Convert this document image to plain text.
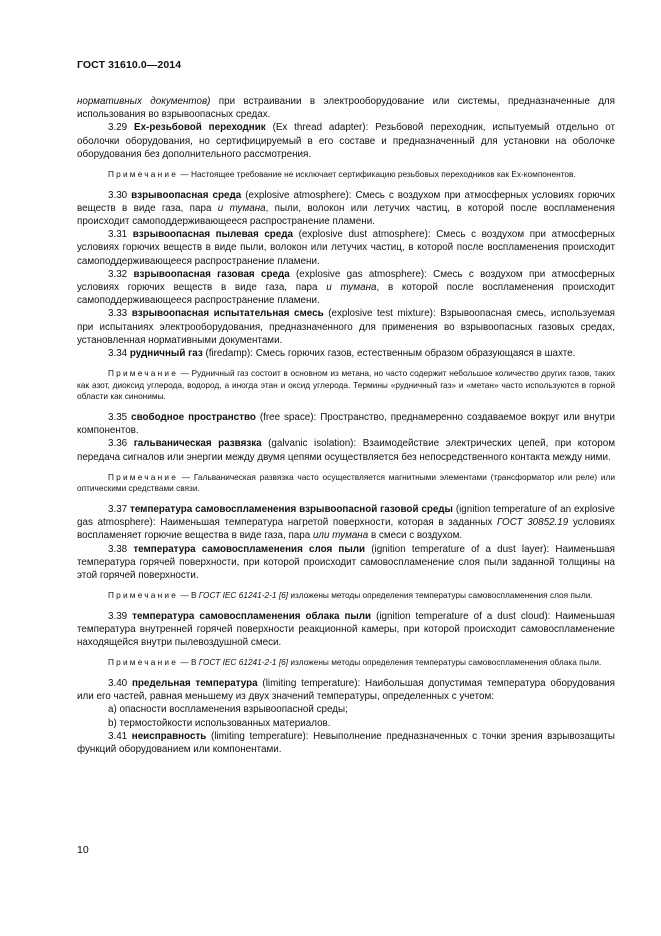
ГОСТ 31610.0—2014

нормативных документов) при встраивании в электрооборудование или системы, предназначенные для использования во взрывоопасных средах.

3.29 Ex-резьбовой переходник (Ex thread adapter): Резьбовой переходник, испытуемый отдельно от оболочки оборудования, но сертифицируемый в его составе и предназначенный для установки на оболочке оборудования без дополнительного рассмотрения.

Примечание — Настоящее требование не исключает сертификацию резьбовых переходников как Ex-компонентов.

3.30 взрывоопасная среда (explosive atmosphere): Смесь с воздухом при атмосферных условиях горючих веществ в виде газа, пара и тумана, пыли, волокон или летучих частиц, в которой после воспламенения происходит самоподдерживающееся распространение пламени.

3.31 взрывоопасная пылевая среда (explosive dust atmosphere): Смесь с воздухом при атмосферных условиях горючих веществ в виде пыли, волокон или летучих частиц, в которой после воспламенения происходит самоподдерживающееся распространение пламени.

3.32 взрывоопасная газовая среда (explosive gas atmosphere): Смесь с воздухом при атмосферных условиях горючих веществ в виде газа, пара и тумана, в которой после воспламенения происходит самоподдерживающееся распространение пламени.

3.33 взрывоопасная испытательная смесь (explosive test mixture): Взрывоопасная смесь, используемая при испытаниях электрооборудования, предназначенного для применения во взрывоопасных газовых средах, установленная нормативными документами.

3.34 рудничный газ (firedamp): Смесь горючих газов, естественным образом образующаяся в шахте.

Примечание — Рудничный газ состоит в основном из метана, но часто содержит небольшое количество других газов, таких как азот, диоксид углерода, водород, а иногда этан и оксид углерода. Термины «рудничный газ» и «метан» часто используются в горной области как синонимы.

3.35 свободное пространство (free space): Пространство, преднамеренно создаваемое вокруг или внутри компонентов.

3.36 гальваническая развязка (galvanic isolation): Взаимодействие электрических цепей, при котором передача сигналов или энергии между двумя цепями осуществляется без непосредственного контакта между ними.

Примечание — Гальваническая развязка часто осуществляется магнитными элементами (трансформатор или реле) или оптическими средствами связи.

3.37 температура самовоспламенения взрывоопасной газовой среды (ignition temperature of an explosive gas atmosphere): Наименьшая температура нагретой поверхности, которая в заданных ГОСТ 30852.19 условиях воспламеняет горючие вещества в виде газа, пара или тумана в смеси с воздухом.

3.38 температура самовоспламенения слоя пыли (ignition temperature of a dust layer): Наименьшая температура горячей поверхности, при которой происходит самовоспламенение слоя пыли заданной толщины на этой горячей поверхности.

Примечание — В ГОСТ IEC 61241-2-1 [6] изложены методы определения температуры самовоспламенения слоя пыли.

3.39 температура самовоспламенения облака пыли (ignition temperature of a dust cloud): Наименьшая температура внутренней горячей поверхности реакционной камеры, при которой происходит самовоспламенение находящейся внутри пылевоздушной смеси.

Примечание — В ГОСТ IEC 61241-2-1 [6] изложены методы определения температуры самовоспламенения облака пыли.

3.40 предельная температура (limiting temperature): Наибольшая допустимая температура оборудования или его частей, равная меньшему из двух значений температуры, определенных с учетом:

a) опасности воспламенения взрывоопасной среды;

b) термостойкости использованных материалов.

3.41 неисправность (limiting temperature): Невыполнение предназначенных с точки зрения взрывозащиты функций оборудованием или компонентами.

10
